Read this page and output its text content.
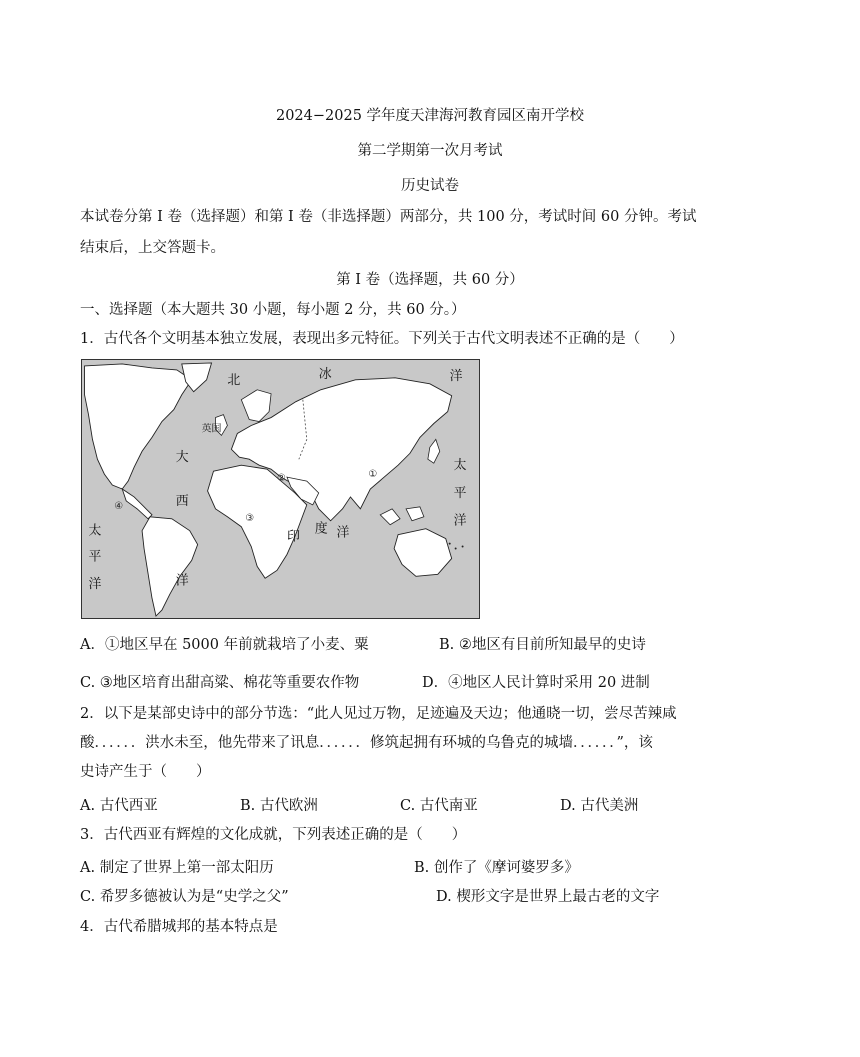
2024−2025 学年度天津海河教育园区南开学校
第二学期第一次月考试
历史试卷
本试卷分第 I 卷（选择题）和第 I 卷（非选择题）两部分，共 100 分，考试时间 60 分钟。考试
结束后，上交答题卡。
第 I 卷（选择题，共 60 分）
一、选择题（本大题共 30 小题，每小题 2 分，共 60 分。）
1．古代各个文明基本独立发展，表现出多元特征。下列关于古代文明表述不正确的是（　　）
北	冰	洋
英国
大
西
洋
太
平
洋
印
度 洋
太
平
洋
①
②
③
④
A．①地区早在 5000 年前就栽培了小麦、粟	B. ②地区有目前所知最早的史诗
C. ③地区培育出甜高粱、棉花等重要农作物	D．④地区人民计算时采用 20 进制
2．以下是某部史诗中的部分节选：“此人见过万物，足迹遍及天边；他通晓一切，尝尽苦辣咸
酸．．．．．．洪水未至，他先带来了讯息．．．．．．修筑起拥有环城的乌鲁克的城墙．．．．．．”，该
史诗产生于（　　）
A. 古代西亚	B. 古代欧洲	C. 古代南亚	D. 古代美洲
3．古代西亚有辉煌的文化成就，下列表述正确的是（　　）
A. 制定了世界上第一部太阳历	B. 创作了《摩诃婆罗多》
C. 希罗多德被认为是“史学之父”	D. 楔形文字是世界上最古老的文字
4．古代希腊城邦的基本特点是
